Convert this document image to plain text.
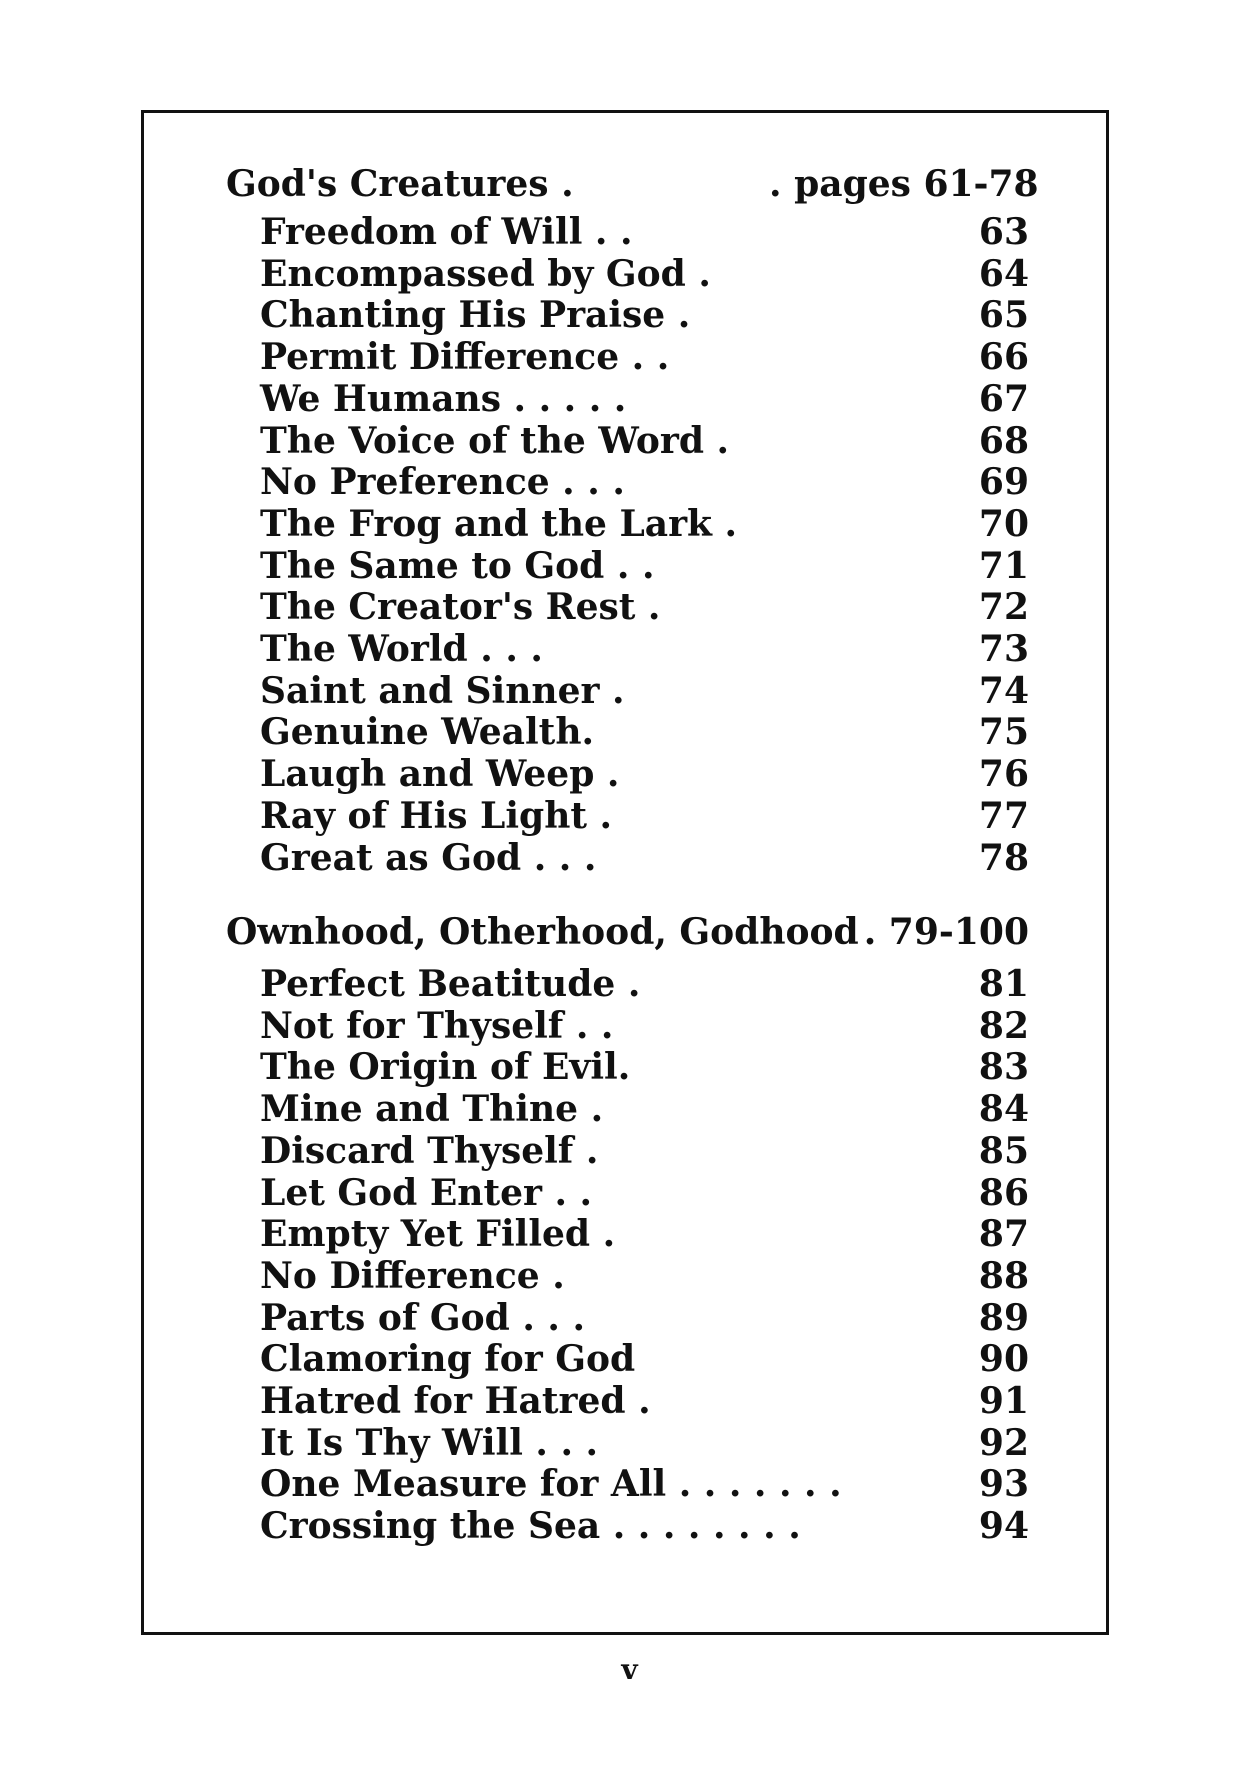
God's Creatures .	. pages 61-78
Freedom of Will . .	63
Encompassed by God .	64
Chanting His Praise .	65
Permit Difference . .	66
We Humans . . . . .	67
The Voice of the Word .	68
No Preference . . .	69
The Frog and the Lark .	70
The Same to God . .	71
The Creator's Rest .	72
The World . . .	73
Saint and Sinner .	74
Genuine Wealth.	75
Laugh and Weep .	76
Ray of His Light .	77
Great as God . . .	78
Ownhood, Otherhood, Godhood . 79-100
Perfect Beatitude .	81
Not for Thyself . .	82
The Origin of Evil.	83
Mine and Thine .	84
Discard Thyself .	85
Let God Enter . .	86
Empty Yet Filled .	87
No Difference .	88
Parts of God . . .	89
Clamoring for God	90
Hatred for Hatred .	91
It Is Thy Will . . .	92
One Measure for All . . . . . . .	93
Crossing the Sea . . . . . . . .	94
v
